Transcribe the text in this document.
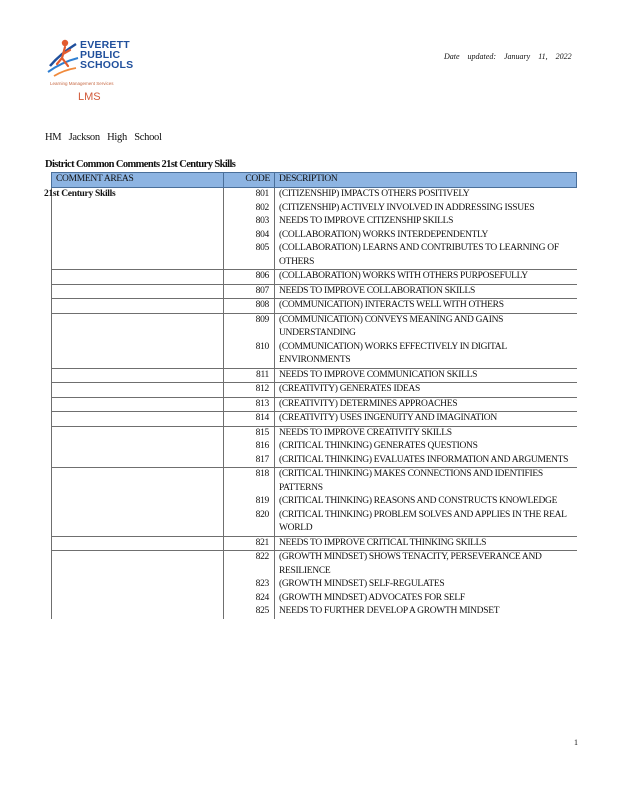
EVERETT
PUBLIC
SCHOOLS
Learning Management Services
LMS
Date updated: January 11, 2022
HM Jackson High School
District Common Comments 21st Century Skills
COMMENT AREAS	CODE	DESCRIPTION
21st Century Skills	801	(CITIZENSHIP) IMPACTS OTHERS POSITIVELY
	802	(CITIZENSHIP) ACTIVELY INVOLVED IN ADDRESSING ISSUES
	803	NEEDS TO IMPROVE CITIZENSHIP SKILLS
	804	(COLLABORATION) WORKS INTERDEPENDENTLY
	805	(COLLABORATION) LEARNS AND CONTRIBUTES TO LEARNING OF OTHERS
	806	(COLLABORATION) WORKS WITH OTHERS PURPOSEFULLY
	807	NEEDS TO IMPROVE COLLABORATION SKILLS
	808	(COMMUNICATION) INTERACTS WELL WITH OTHERS
	809	(COMMUNICATION) CONVEYS MEANING AND GAINS UNDERSTANDING
	810	(COMMUNICATION) WORKS EFFECTIVELY IN DIGITAL ENVIRONMENTS
	811	NEEDS TO IMPROVE COMMUNICATION SKILLS
	812	(CREATIVITY) GENERATES IDEAS
	813	(CREATIVITY) DETERMINES APPROACHES
	814	(CREATIVITY) USES INGENUITY AND IMAGINATION
	815	NEEDS TO IMPROVE CREATIVITY SKILLS
	816	(CRITICAL THINKING) GENERATES QUESTIONS
	817	(CRITICAL THINKING) EVALUATES INFORMATION AND ARGUMENTS
	818	(CRITICAL THINKING) MAKES CONNECTIONS AND IDENTIFIES PATTERNS
	819	(CRITICAL THINKING) REASONS AND CONSTRUCTS KNOWLEDGE
	820	(CRITICAL THINKING) PROBLEM SOLVES AND APPLIES IN THE REAL WORLD
	821	NEEDS TO IMPROVE CRITICAL THINKING SKILLS
	822	(GROWTH MINDSET) SHOWS TENACITY, PERSEVERANCE AND RESILIENCE
	823	(GROWTH MINDSET) SELF-REGULATES
	824	(GROWTH MINDSET) ADVOCATES FOR SELF
	825	NEEDS TO FURTHER DEVELOP A GROWTH MINDSET
1
